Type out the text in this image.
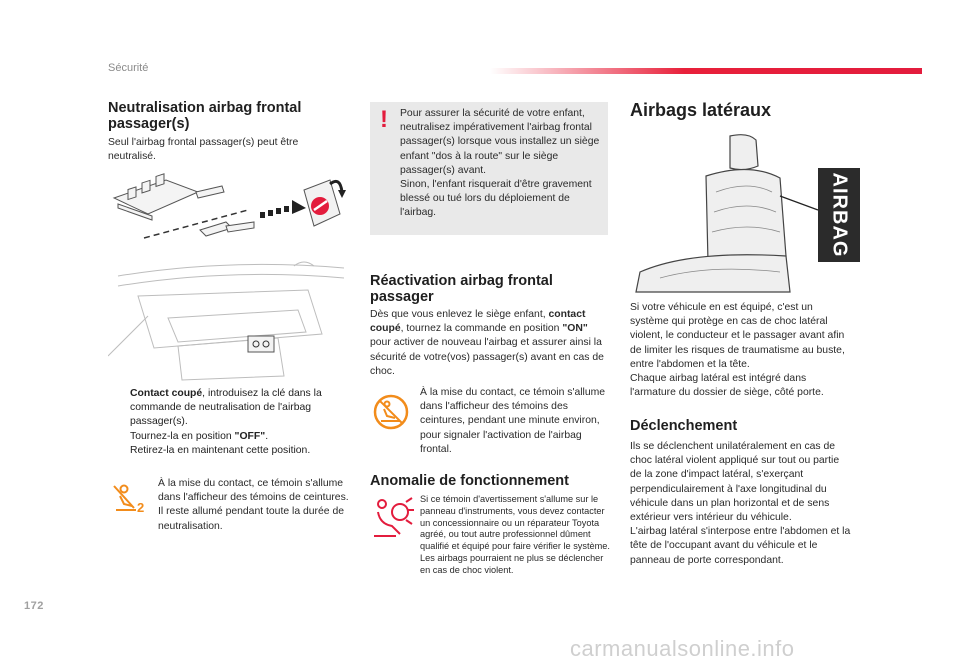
Sécurité
Neutralisation airbag frontal passager(s)

Seul l'airbag frontal passager(s) peut être neutralisé.

Contact coupé, introduisez la clé dans la commande de neutralisation de l'airbag passager(s).
Tournez-la en position "OFF".
Retirez-la en maintenant cette position.
2

À la mise du contact, ce témoin s'allume dans l'afficheur des témoins de ceintures. Il reste allumé pendant toute la durée de neutralisation.

! Pour assurer la sécurité de votre enfant, neutralisez impérativement l'airbag frontal passager(s) lorsque vous installez un siège enfant "dos à la route" sur le siège passager(s) avant.
Sinon, l'enfant risquerait d'être gravement blessé ou tué lors du déploiement de l'airbag.

Réactivation airbag frontal passager

Dès que vous enlevez le siège enfant, contact coupé, tournez la commande en position "ON" pour activer de nouveau l'airbag et assurer ainsi la sécurité de votre(vos) passager(s) avant en cas de choc.

À la mise du contact, ce témoin s'allume dans l'afficheur des témoins des ceintures, pendant une minute environ, pour signaler l'activation de l'airbag frontal.

Anomalie de fonctionnement

Si ce témoin d'avertissement s'allume sur le panneau d'instruments, vous devez contacter un concessionnaire ou un réparateur Toyota agréé, ou tout autre professionnel dûment qualifié et équipé pour faire vérifier le système. Les airbags pourraient ne plus se déclencher en cas de choc violent.

Airbags latéraux
AIRBAG

Si votre véhicule en est équipé, c'est un système qui protège en cas de choc latéral violent, le conducteur et le passager avant afin de limiter les risques de traumatisme au buste, entre l'abdomen et la tête.
Chaque airbag latéral est intégré dans l'armature du dossier de siège, côté porte.

Déclenchement

Ils se déclenchent unilatéralement en cas de choc latéral violent appliqué sur tout ou partie de la zone d'impact latéral, s'exerçant perpendiculairement à l'axe longitudinal du véhicule dans un plan horizontal et de sens extérieur vers intérieur du véhicule.
L'airbag latéral s'interpose entre l'abdomen et la tête de l'occupant avant du véhicule et le panneau de porte correspondant.

172
carmanualsonline.info
